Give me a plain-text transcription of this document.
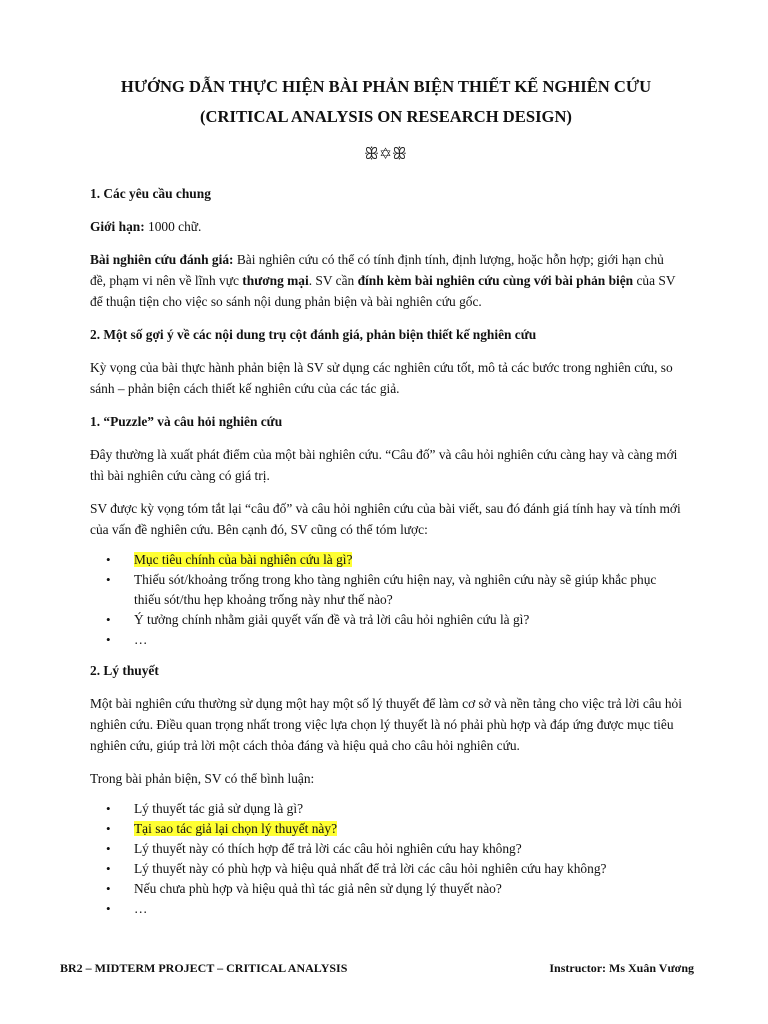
HƯỚNG DẪN THỰC HIỆN BÀI PHẢN BIỆN THIẾT KẾ NGHIÊN CỨU
(CRITICAL ANALYSIS ON RESEARCH DESIGN)
ꕥ✡ꕥ

1. Các yêu cầu chung

Giới hạn: 1000 chữ.

Bài nghiên cứu đánh giá: Bài nghiên cứu có thể có tính định tính, định lượng, hoặc hỗn hợp; giới hạn chủ đề, phạm vi nên về lĩnh vực thương mại. SV cần đính kèm bài nghiên cứu cùng với bài phản biện của SV để thuận tiện cho việc so sánh nội dung phản biện và bài nghiên cứu gốc.

2. Một số gợi ý về các nội dung trụ cột đánh giá, phản biện thiết kế nghiên cứu

Kỳ vọng của bài thực hành phản biện là SV sử dụng các nghiên cứu tốt, mô tả các bước trong nghiên cứu, so sánh – phản biện cách thiết kế nghiên cứu của các tác giả.

1. “Puzzle” và câu hỏi nghiên cứu

Đây thường là xuất phát điểm của một bài nghiên cứu. “Câu đố” và câu hỏi nghiên cứu càng hay và càng mới thì bài nghiên cứu càng có giá trị.

SV được kỳ vọng tóm tắt lại “câu đố” và câu hỏi nghiên cứu của bài viết, sau đó đánh giá tính hay và tính mới của vấn đề nghiên cứu. Bên cạnh đó, SV cũng có thể tóm lược:

• Mục tiêu chính của bài nghiên cứu là gì?
• Thiếu sót/khoảng trống trong kho tàng nghiên cứu hiện nay, và nghiên cứu này sẽ giúp khắc phục thiếu sót/thu hẹp khoảng trống này như thế nào?
• Ý tưởng chính nhằm giải quyết vấn đề và trả lời câu hỏi nghiên cứu là gì?
• …

2. Lý thuyết

Một bài nghiên cứu thường sử dụng một hay một số lý thuyết để làm cơ sở và nền tảng cho việc trả lời câu hỏi nghiên cứu. Điều quan trọng nhất trong việc lựa chọn lý thuyết là nó phải phù hợp và đáp ứng được mục tiêu nghiên cứu, giúp trả lời một cách thỏa đáng và hiệu quả cho câu hỏi nghiên cứu.

Trong bài phản biện, SV có thể bình luận:

• Lý thuyết tác giả sử dụng là gì?
• Tại sao tác giả lại chọn lý thuyết này?
• Lý thuyết này có thích hợp để trả lời các câu hỏi nghiên cứu hay không?
• Lý thuyết này có phù hợp và hiệu quả nhất để trả lời các câu hỏi nghiên cứu hay không?
• Nếu chưa phù hợp và hiệu quả thì tác giả nên sử dụng lý thuyết nào?
• …
BR2 – MIDTERM PROJECT – CRITICAL ANALYSIS	Instructor: Ms Xuân Vương
